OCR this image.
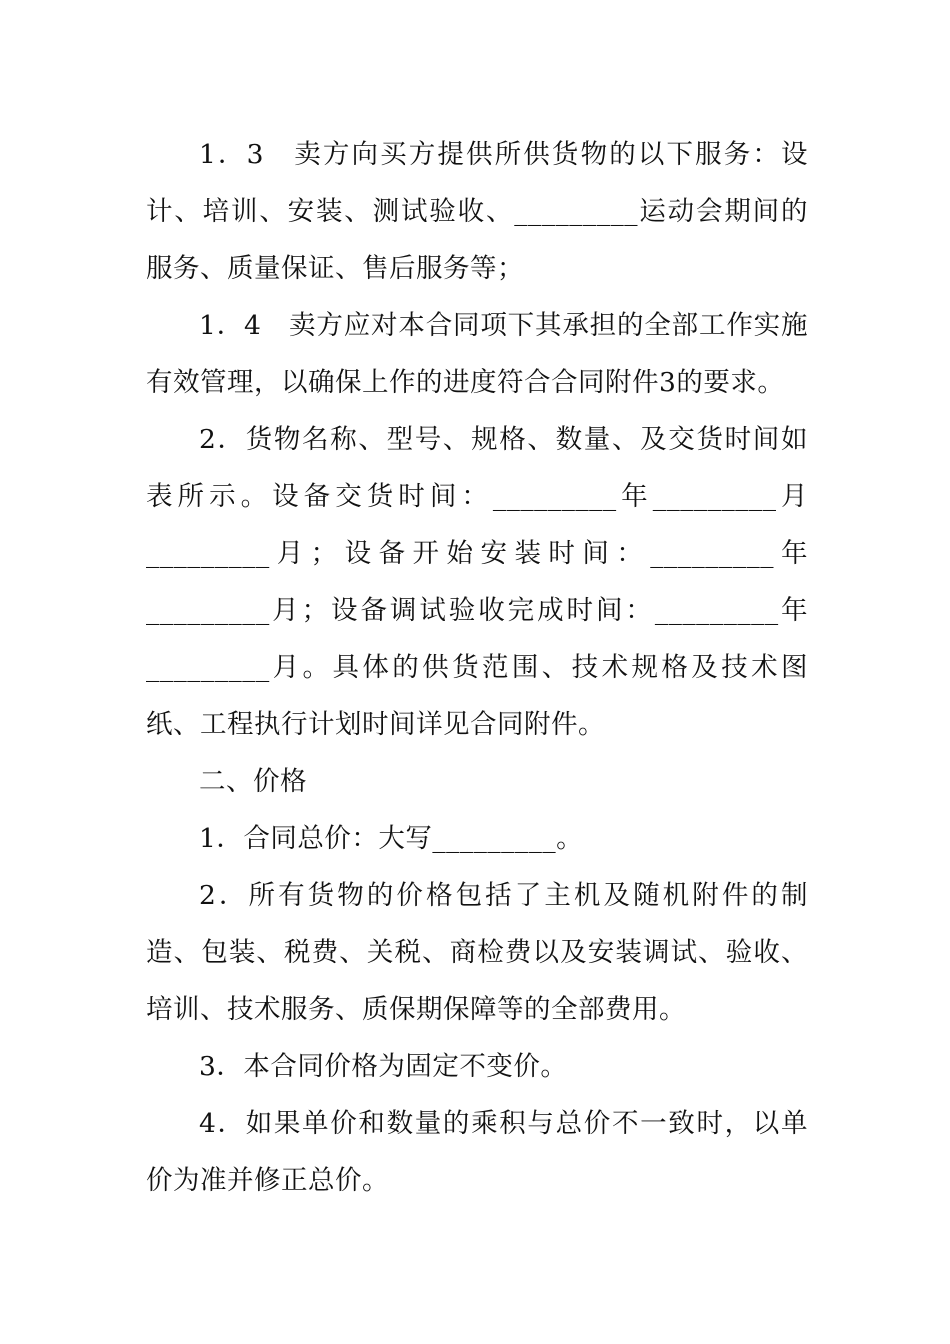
1．3　卖方向买方提供所供货物的以下服务：设计、培训、安装、测试验收、_________运动会期间的服务、质量保证、售后服务等；

1．4　卖方应对本合同项下其承担的全部工作实施有效管理，以确保上作的进度符合合同附件3的要求。

2．货物名称、型号、规格、数量、及交货时间如表所示。设备交货时间：_________年_________月 _________月；设备开始安装时间：_________年_________月；设备调试验收完成时间：_________年_________月。具体的供货范围、技术规格及技术图纸、工程执行计划时间详见合同附件。

二、价格

1．合同总价：大写_________。

2．所有货物的价格包括了主机及随机附件的制造、包装、税费、关税、商检费以及安装调试、验收、培训、技术服务、质保期保障等的全部费用。

3．本合同价格为固定不变价。

4．如果单价和数量的乘积与总价不一致时，以单价为准并修正总价。
